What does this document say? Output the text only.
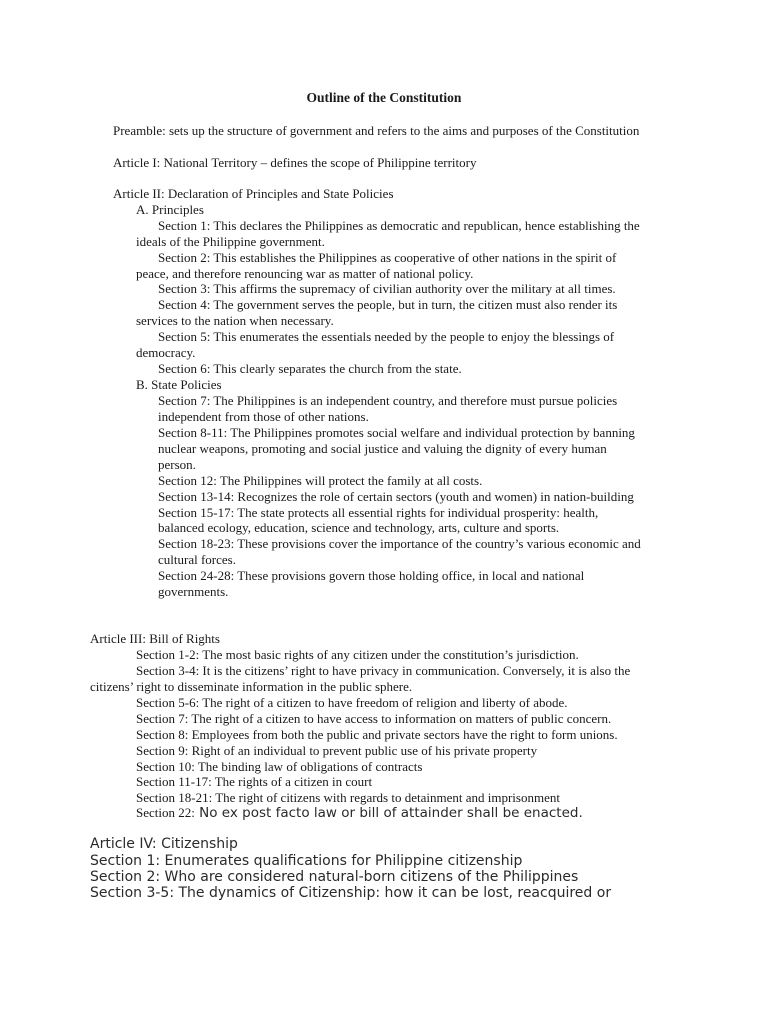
Outline of the Constitution
Preamble: sets up the structure of government and refers to the aims and purposes of the Constitution
Article I: National Territory – defines the scope of Philippine territory
Article II: Declaration of Principles and State Policies
A. Principles
Section 1: This declares the Philippines as democratic and republican, hence establishing the
ideals of the Philippine government.
Section 2: This establishes the Philippines as cooperative of other nations in the spirit of
peace, and therefore renouncing war as matter of national policy.
Section 3: This affirms the supremacy of civilian authority over the military at all times.
Section 4: The government serves the people, but in turn, the citizen must also render its
services to the nation when necessary.
Section 5: This enumerates the essentials needed by the people to enjoy the blessings of
democracy.
Section 6: This clearly separates the church from the state.
B. State Policies
Section 7: The Philippines is an independent country, and therefore must pursue policies
independent from those of other nations.
Section 8-11: The Philippines promotes social welfare and individual protection by banning
nuclear weapons, promoting and social justice and valuing the dignity of every human
person.
Section 12: The Philippines will protect the family at all costs.
Section 13-14: Recognizes the role of certain sectors (youth and women) in nation-building
Section 15-17: The state protects all essential rights for individual prosperity: health,
balanced ecology, education, science and technology, arts, culture and sports.
Section 18-23: These provisions cover the importance of the country’s various economic and
cultural forces.
Section 24-28: These provisions govern those holding office, in local and national
governments.
Article III: Bill of Rights
Section 1-2: The most basic rights of any citizen under the constitution’s jurisdiction.
Section 3-4: It is the citizens’ right to have privacy in communication. Conversely, it is also the
citizens’ right to disseminate information in the public sphere.
Section 5-6: The right of a citizen to have freedom of religion and liberty of abode.
Section 7: The right of a citizen to have access to information on matters of public concern.
Section 8: Employees from both the public and private sectors have the right to form unions.
Section 9: Right of an individual to prevent public use of his private property
Section 10: The binding law of obligations of contracts
Section 11-17: The rights of a citizen in court
Section 18-21: The right of citizens with regards to detainment and imprisonment
Section 22: No ex post facto law or bill of attainder shall be enacted.
Article IV: Citizenship
Section 1: Enumerates qualifications for Philippine citizenship
Section 2: Who are considered natural-born citizens of the Philippines
Section 3-5: The dynamics of Citizenship: how it can be lost, reacquired or
